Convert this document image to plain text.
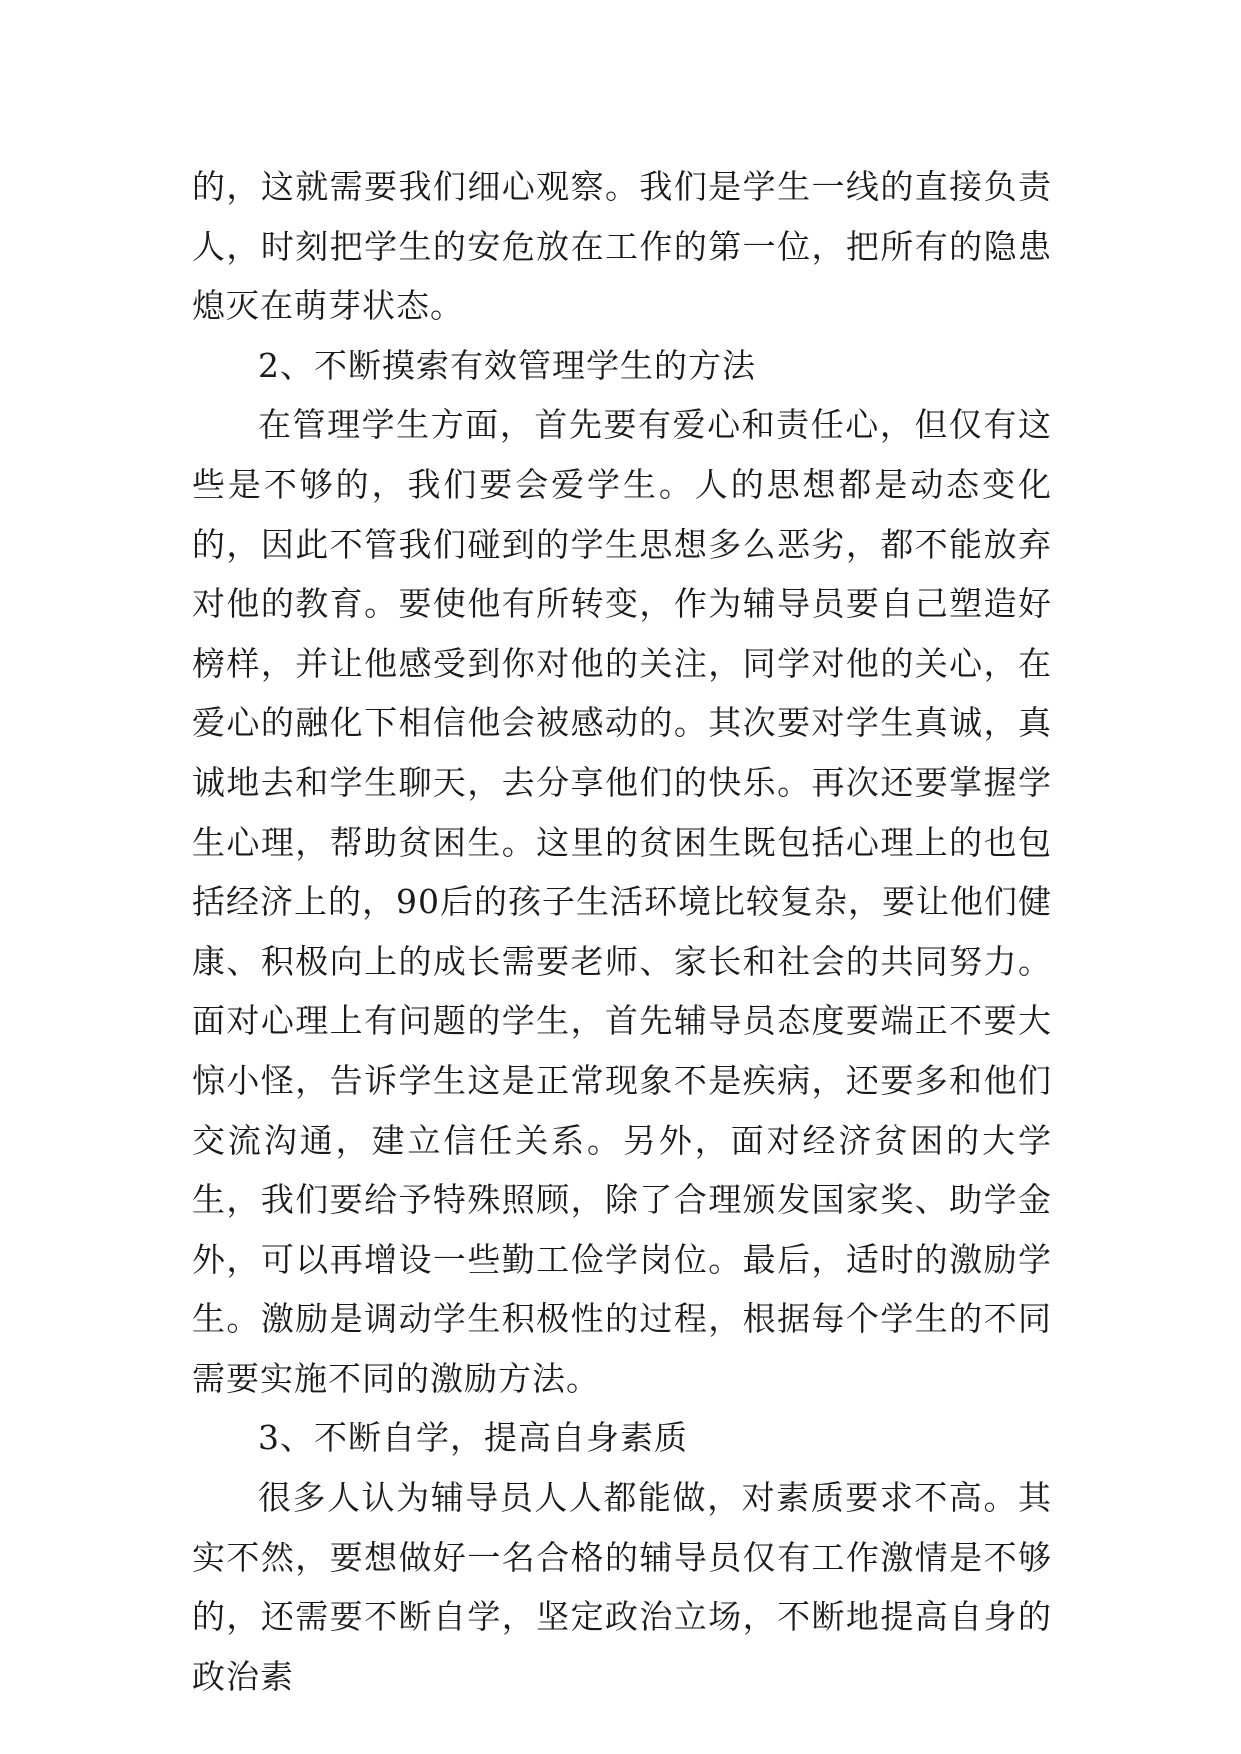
的，这就需要我们细心观察。我们是学生一线的直接负责人，时刻把学生的安危放在工作的第一位，把所有的隐患熄灭在萌芽状态。

2、不断摸索有效管理学生的方法

在管理学生方面，首先要有爱心和责任心，但仅有这些是不够的，我们要会爱学生。人的思想都是动态变化的，因此不管我们碰到的学生思想多么恶劣，都不能放弃对他的教育。要使他有所转变，作为辅导员要自己塑造好榜样，并让他感受到你对他的关注，同学对他的关心，在爱心的融化下相信他会被感动的。其次要对学生真诚，真诚地去和学生聊天，去分享他们的快乐。再次还要掌握学生心理，帮助贫困生。这里的贫困生既包括心理上的也包括经济上的，90后的孩子生活环境比较复杂，要让他们健康、积极向上的成长需要老师、家长和社会的共同努力。面对心理上有问题的学生，首先辅导员态度要端正不要大惊小怪，告诉学生这是正常现象不是疾病，还要多和他们交流沟通，建立信任关系。另外，面对经济贫困的大学生，我们要给予特殊照顾，除了合理颁发国家奖、助学金外，可以再增设一些勤工俭学岗位。最后，适时的激励学生。激励是调动学生积极性的过程，根据每个学生的不同需要实施不同的激励方法。

3、不断自学，提高自身素质

很多人认为辅导员人人都能做，对素质要求不高。其实不然，要想做好一名合格的辅导员仅有工作激情是不够的，还需要不断自学，坚定政治立场，不断地提高自身的政治素
